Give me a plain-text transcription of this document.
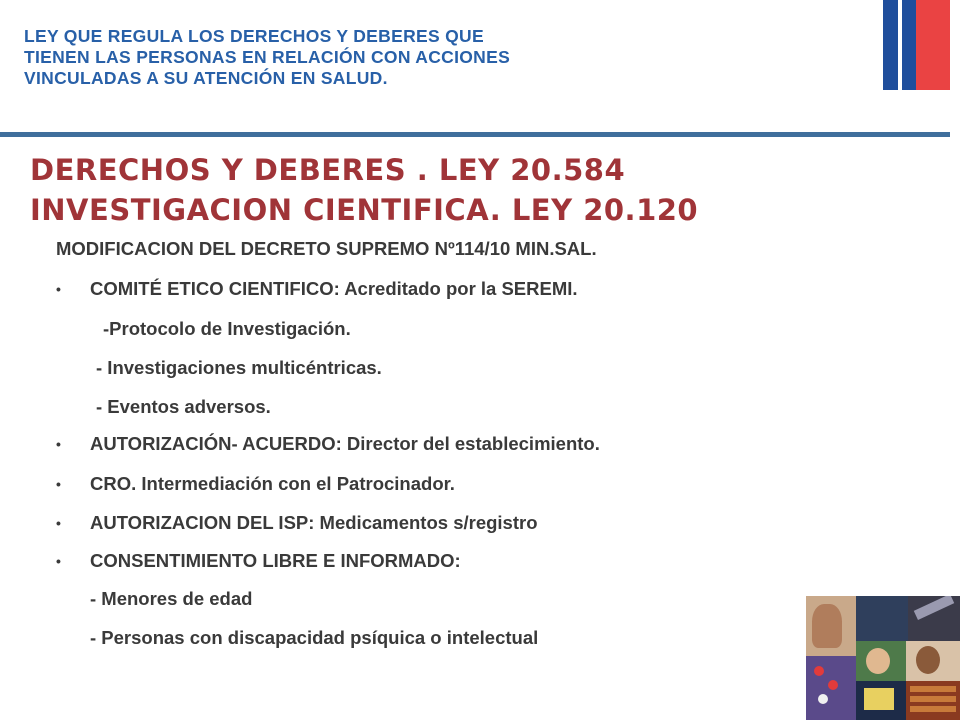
LEY QUE REGULA LOS DERECHOS Y DEBERES QUE
TIENEN LAS PERSONAS EN RELACIÓN CON ACCIONES
VINCULADAS A SU ATENCIÓN EN SALUD.
DERECHOS Y DEBERES . LEY 20.584
INVESTIGACION CIENTIFICA. LEY 20.120
MODIFICACION DEL DECRETO SUPREMO Nº114/10 MIN.SAL.
• COMITÉ ETICO CIENTIFICO: Acreditado por la SEREMI.
-Protocolo de Investigación.
- Investigaciones multicéntricas.
- Eventos adversos.
• AUTORIZACIÓN- ACUERDO: Director del establecimiento.
• CRO. Intermediación con el Patrocinador.
• AUTORIZACION DEL ISP: Medicamentos s/registro
• CONSENTIMIENTO LIBRE E INFORMADO:
- Menores de edad
- Personas con discapacidad psíquica o intelectual
